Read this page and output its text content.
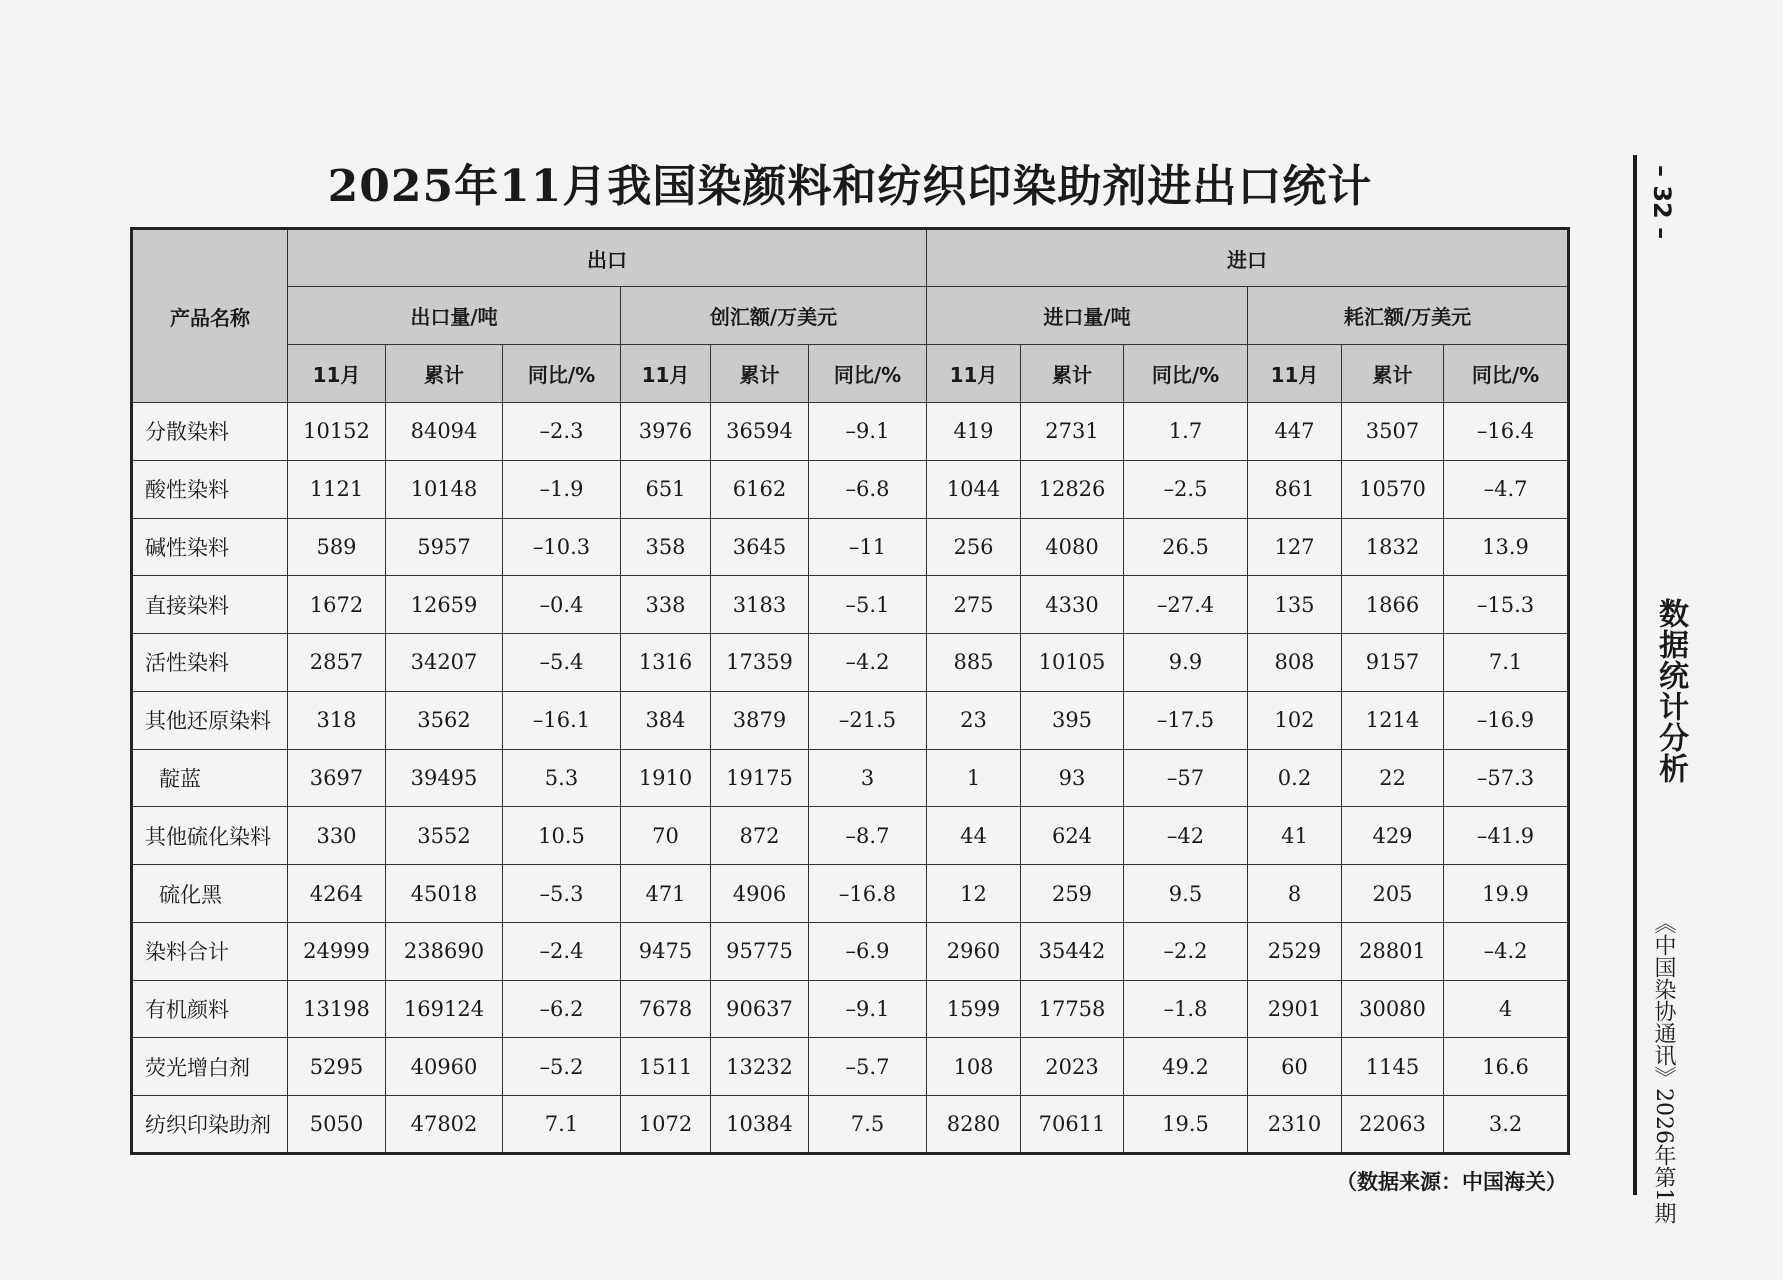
2025年11月我国染颜料和纺织印染助剂进出口统计
产品名称	出口						进口					
	出口量/吨			创汇额/万美元			进口量/吨			耗汇额/万美元		
	11月	累计	同比/%	11月	累计	同比/%	11月	累计	同比/%	11月	累计	同比/%
分散染料	10152	84094	–2.3	3976	36594	–9.1	419	2731	1.7	447	3507	–16.4
酸性染料	1121	10148	–1.9	651	6162	–6.8	1044	12826	–2.5	861	10570	–4.7
碱性染料	589	5957	–10.3	358	3645	–11	256	4080	26.5	127	1832	13.9
直接染料	1672	12659	–0.4	338	3183	–5.1	275	4330	–27.4	135	1866	–15.3
活性染料	2857	34207	–5.4	1316	17359	–4.2	885	10105	9.9	808	9157	7.1
其他还原染料	318	3562	–16.1	384	3879	–21.5	23	395	–17.5	102	1214	–16.9
靛蓝	3697	39495	5.3	1910	19175	3	1	93	–57	0.2	22	–57.3
其他硫化染料	330	3552	10.5	70	872	–8.7	44	624	–42	41	429	–41.9
硫化黑	4264	45018	–5.3	471	4906	–16.8	12	259	9.5	8	205	19.9
染料合计	24999	238690	–2.4	9475	95775	–6.9	2960	35442	–2.2	2529	28801	–4.2
有机颜料	13198	169124	–6.2	7678	90637	–9.1	1599	17758	–1.8	2901	30080	4
荧光增白剂	5295	40960	–5.2	1511	13232	–5.7	108	2023	49.2	60	1145	16.6
纺织印染助剂	5050	47802	7.1	1072	10384	7.5	8280	70611	19.5	2310	22063	3.2
– 32 –
数据统计分析
《中国染协通讯》2026年第1期
（数据来源：中国海关）
